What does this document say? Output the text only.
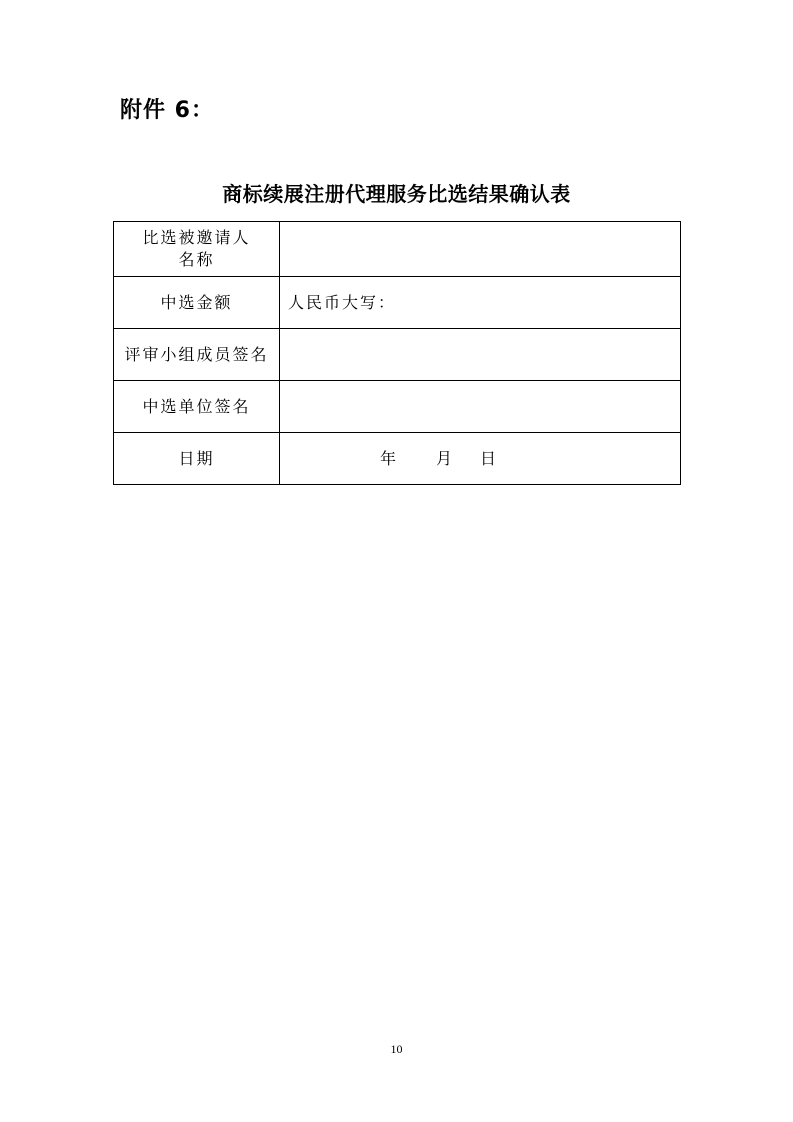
附件 6：
商标续展注册代理服务比选结果确认表
比选被邀请人
名称	

中选金额	人民币大写：
评审小组成员签名	
中选单位签名	
日期	年 月 日
10
